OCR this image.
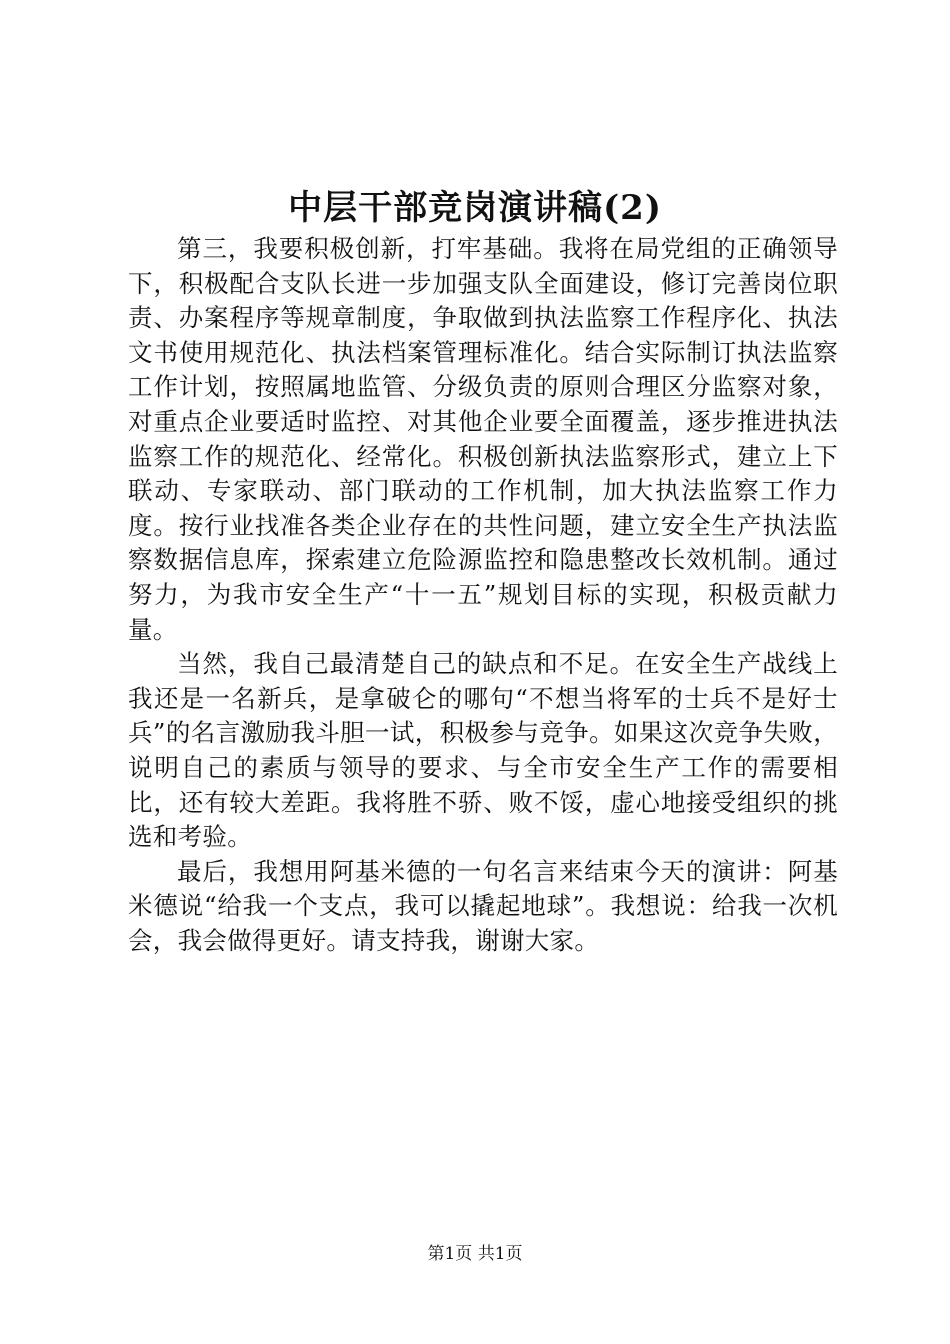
中层干部竞岗演讲稿(2)

第三，我要积极创新，打牢基础。我将在局党组的正确领导下，积极配合支队长进一步加强支队全面建设，修订完善岗位职责、办案程序等规章制度，争取做到执法监察工作程序化、执法文书使用规范化、执法档案管理标准化。结合实际制订执法监察工作计划，按照属地监管、分级负责的原则合理区分监察对象，对重点企业要适时监控、对其他企业要全面覆盖，逐步推进执法监察工作的规范化、经常化。积极创新执法监察形式，建立上下联动、专家联动、部门联动的工作机制，加大执法监察工作力度。按行业找准各类企业存在的共性问题，建立安全生产执法监察数据信息库，探索建立危险源监控和隐患整改长效机制。通过努力，为我市安全生产“十一五”规划目标的实现，积极贡献力量。

当然，我自己最清楚自己的缺点和不足。在安全生产战线上我还是一名新兵，是拿破仑的哪句“不想当将军的士兵不是好士兵”的名言激励我斗胆一试，积极参与竞争。如果这次竞争失败，说明自己的素质与领导的要求、与全市安全生产工作的需要相比，还有较大差距。我将胜不骄、败不馁，虚心地接受组织的挑选和考验。

最后，我想用阿基米德的一句名言来结束今天的演讲：阿基米德说“给我一个支点，我可以撬起地球”。我想说：给我一次机会，我会做得更好。请支持我，谢谢大家。

第1页 共1页
